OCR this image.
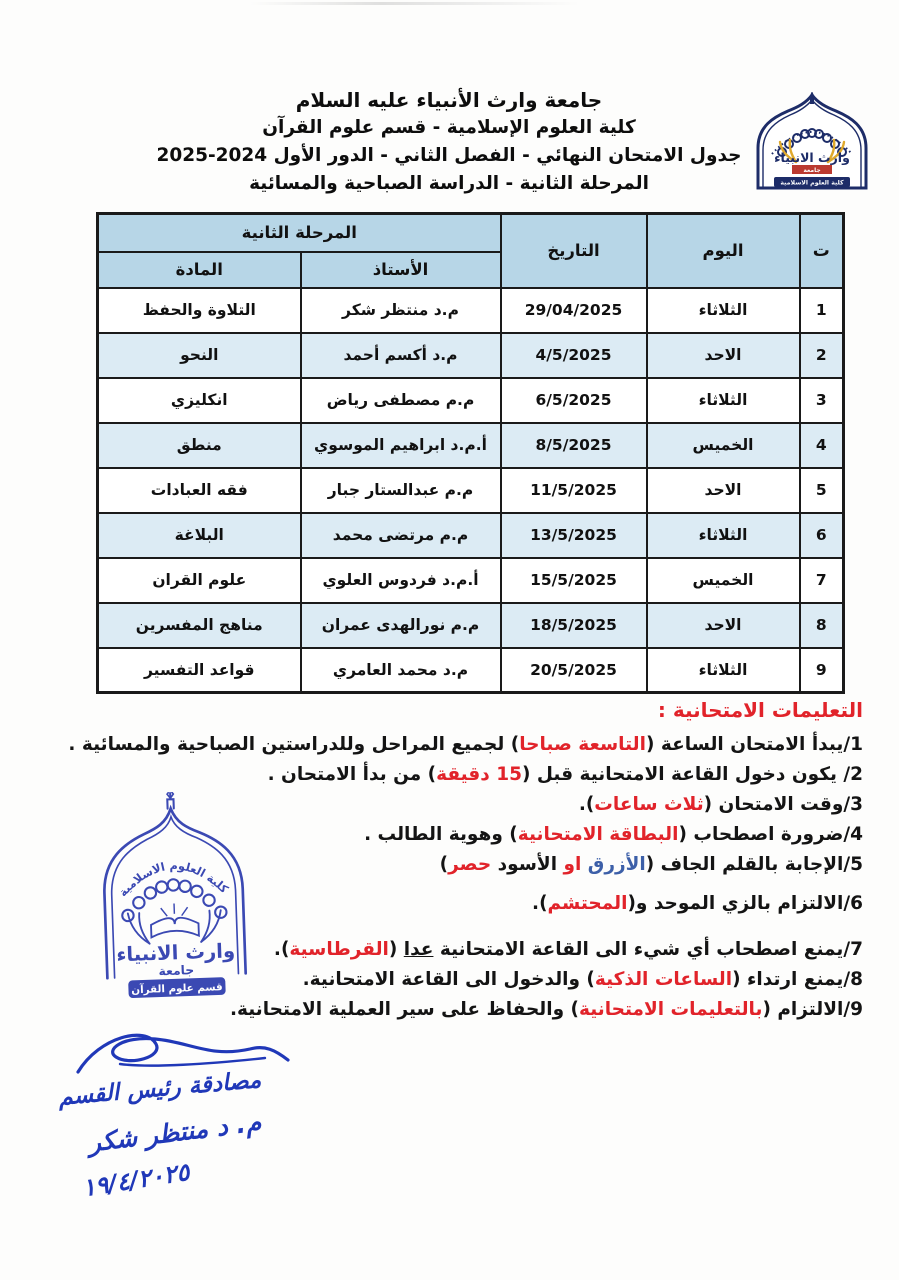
جامعة وارث الأنبياء عليه السلام
كلية العلوم الإسلامية - قسم علوم القرآن
جدول الامتحان النهائي - الفصل الثاني - الدور الأول 2024-2025
المرحلة الثانية - الدراسة الصباحية والمسائية
وارث الانبياء
جامعة
كلية العلوم الاسلامية
ت	اليوم	التاريخ	المرحلة الثانية	
			الأستاذ	المادة
1	الثلاثاء	29/04/2025	م.د منتظر شكر	التلاوة والحفظ
2	الاحد	4/5/2025	م.د أكسم أحمد	النحو
3	الثلاثاء	6/5/2025	م.م مصطفى رياض	انكليزي
4	الخميس	8/5/2025	أ.م.د ابراهيم الموسوي	منطق
5	الاحد	11/5/2025	م.م عبدالستار جبار	فقه العبادات
6	الثلاثاء	13/5/2025	م.م مرتضى محمد	البلاغة
7	الخميس	15/5/2025	أ.م.د فردوس العلوي	علوم القران
8	الاحد	18/5/2025	م.م نورالهدى عمران	مناهج المفسرين
9	الثلاثاء	20/5/2025	م.د محمد العامري	قواعد التفسير
التعليمات الامتحانية :
1/يبدأ الامتحان الساعة (التاسعة صباحا) لجميع المراحل وللدراستين الصباحية والمسائية .
2/ يكون دخول القاعة الامتحانية قبل (15 دقيقة) من بدأ الامتحان .
3/وقت الامتحان (ثلاث ساعات).
4/ضرورة اصطحاب (البطاقة الامتحانية) وهوية الطالب .
5/الإجابة بالقلم الجاف (الأزرق او الأسود حصر)
6/الالتزام بالزي الموحد و(المحتشم).
7/يمنع اصطحاب أي شيء الى القاعة الامتحانية عدا (القرطاسية).
8/يمنع ارتداء (الساعات الذكية) والدخول الى القاعة الامتحانية.
9/الالتزام (بالتعليمات الامتحانية) والحفاظ على سير العملية الامتحانية.
كلية العلوم الاسلامية
وارث الانبياء
جامعة
قسم علوم القرآن
مصادقة رئيس القسم
م. د منتظر شكر
١٩/٤/٢٠٢٥
